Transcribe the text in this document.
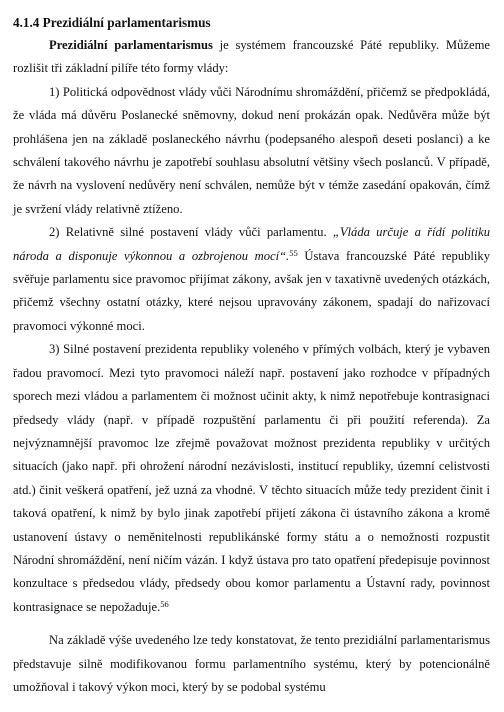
4.1.4 Prezidiální parlamentarismus

Prezidiální parlamentarismus je systémem francouzské Páté republiky. Můžeme rozlišit tři základní pilíře této formy vlády:

1) Politická odpovědnost vlády vůči Národnímu shromáždění, přičemž se předpokládá, že vláda má důvěru Poslanecké sněmovny, dokud není prokázán opak. Nedůvěra může být prohlášena jen na základě poslaneckého návrhu (podepsaného alespoň deseti poslanci) a ke schválení takového návrhu je zapotřebí souhlasu absolutní většiny všech poslanců. V případě, že návrh na vyslovení nedůvěry není schválen, nemůže být v témže zasedání opakován, čímž je svržení vlády relativně ztíženo.

2) Relativně silné postavení vlády vůči parlamentu. „Vláda určuje a řídí politiku národa a disponuje výkonnou a ozbrojenou mocí“.$^{55}$ Ústava francouzské Páté republiky svěřuje parlamentu sice pravomoc přijímat zákony, avšak jen v taxativně uvedených otázkách, přičemž všechny ostatní otázky, které nejsou upravovány zákonem, spadají do nařizovací pravomoci výkonné moci.

3) Silné postavení prezidenta republiky voleného v přímých volbách, který je vybaven řadou pravomocí. Mezi tyto pravomoci náleží např. postavení jako rozhodce v případných sporech mezi vládou a parlamentem či možnost učinit akty, k nimž nepotřebuje kontrasignaci předsedy vlády (např. v případě rozpuštění parlamentu či při použití referenda). Za nejvýznamnější pravomoc lze zřejmě považovat možnost prezidenta republiky v určitých situacích (jako např. při ohrožení národní nezávislosti, institucí republiky, územní celistvosti atd.) činit veškerá opatření, jež uzná za vhodné. V těchto situacích může tedy prezident činit i taková opatření, k nimž by bylo jinak zapotřebí přijetí zákona či ústavního zákona a kromě ustanovení ústavy o neměnitelnosti republikánské formy státu a o nemožnosti rozpustit Národní shromáždění, není ničím vázán. I když ústava pro tato opatření předepisuje povinnost konzultace s předsedou vlády, předsedy obou komor parlamentu a Ústavní rady, povinnost kontrasignace se nepožaduje.$^{56}$

Na základě výše uvedeného lze tedy konstatovat, že tento prezidiální parlamentarismus představuje silně modifikovanou formu parlamentního systému, který by potencionálně umožňoval i takový výkon moci, který by se podobal systému
